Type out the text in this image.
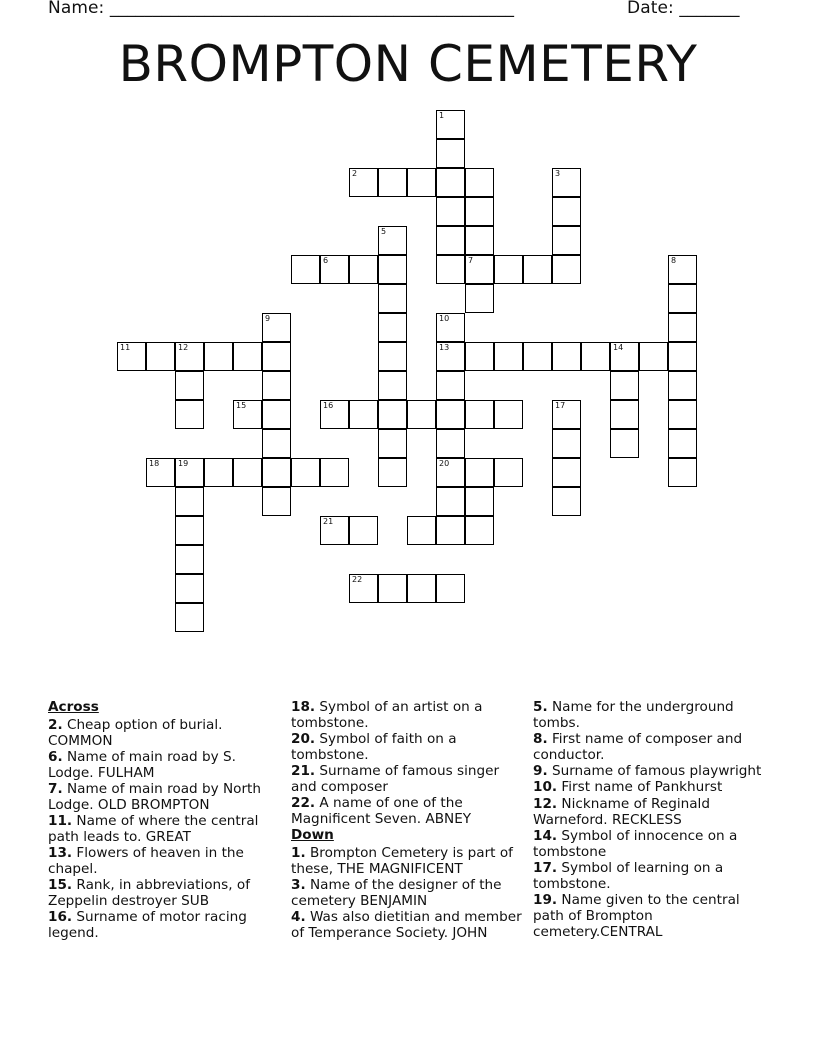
Name: _______________________________________________	Date: _______
BROMPTON CEMETERY
1
2
7
3
6
5
8
9	10
13
20
11	12	14
15	16	17
18 19
21
22
Across
2. Cheap option of burial. COMMON
6. Name of main road by S. Lodge. FULHAM
7. Name of main road by North Lodge. OLD BROMPTON
11. Name of where the central path leads to. GREAT
13. Flowers of heaven in the chapel.
15. Rank, in abbreviations, of Zeppelin destroyer SUB
16. Surname of motor racing legend.
18. Symbol of an artist on a tombstone.
20. Symbol of faith on a tombstone.
21. Surname of famous singer and composer
22. A name of one of the Magnificent Seven. ABNEY
Down
1. Brompton Cemetery is part of these, THE MAGNIFICENT
3. Name of the designer of the cemetery BENJAMIN
4. Was also dietitian and member of Temperance Society. JOHN
5. Name for the underground tombs.
8. First name of composer and conductor.
9. Surname of famous playwright
10. First name of Pankhurst
12. Nickname of Reginald Warneford. RECKLESS
14. Symbol of innocence on a tombstone
17. Symbol of learning on a tombstone.
19. Name given to the central path of Brompton cemetery.CENTRAL
